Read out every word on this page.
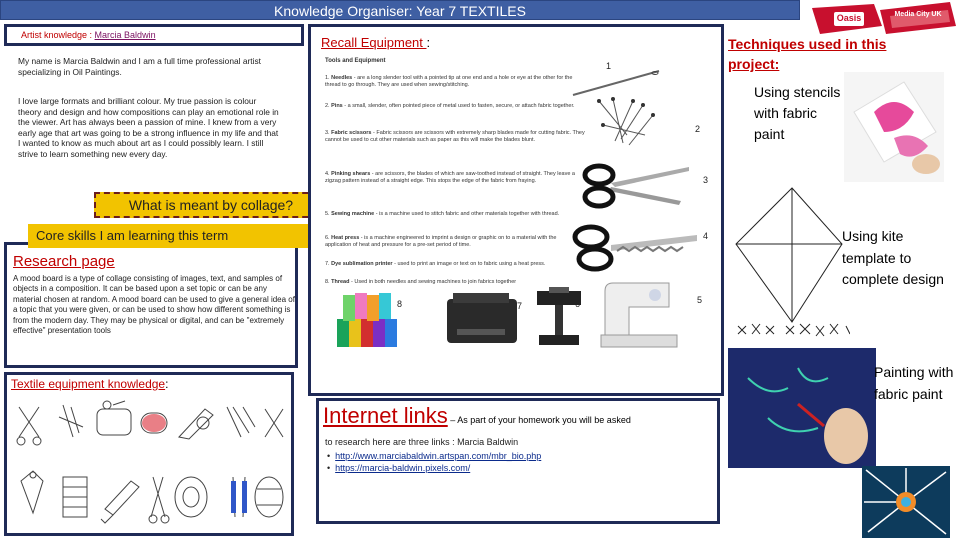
Knowledge Organiser: Year 7 TEXTILES	Oasis	Media City UK
Artist knowledge : Marcia Baldwin
My name is Marcia Baldwin and I am a full time professional artist specializing in Oil Paintings.
I love large formats and brilliant colour. My true passion is colour theory and design and how compositions can play an emotional role in the viewer. Art has always been a passion of mine. I knew from a very early age that art was going to be a strong influence in my life and that I wanted to know as much about art as I could possibly learn. I still strive to learn something new every day.
What is meant by collage?
Research page
A mood board is a type of collage consisting of images, text, and samples of objects in a composition. It can be based upon a set topic or can be any material chosen at random. A mood board can be used to give a general idea of a topic that you were given, or can be used to show how different something is from the modern day. They may be physical or digital, and can be "extremely effective" presentation tools
Core skills I am learning this term
Textile equipment knowledge:
Recall Equipment :
Tools and Equipment
1. Needles - are a long slender tool with a pointed tip at one end and a hole or eye at the other for the thread to go through. They are used when sewing/stitching.
2. Pins - a small, slender, often pointed piece of metal used to fasten, secure, or attach fabric together.
3. Fabric scissors - Fabric scissors are scissors with extremely sharp blades made for cutting fabric. They cannot be used to cut other materials such as paper as this will make the blades blunt.
4. Pinking shears - are scissors, the blades of which are saw-toothed instead of straight. They leave a zigzag pattern instead of a straight edge. This stops the edge of the fabric from fraying.
5. Sewing machine - is a machine used to stitch fabric and other materials together with thread.
6. Heat press - is a machine engineered to imprint a design or graphic on to a material with the application of heat and pressure for a pre-set period of time.
7. Dye sublimation printer - used to print an image or text on to fabric using a heat press.
8. Thread - Used in both needles and sewing machines to join fabrics together
1
2
3
4
5
6
7
8
Internet links – As part of your homework you will be asked
to research here are three links : Marcia Baldwin
•  http://www.marciabaldwin.artspan.com/mbr_bio.php
•  https://marcia-baldwin.pixels.com/
Techniques used in this project:
Using stencils with fabric paint
Using kite template to complete design
Painting with fabric paint
